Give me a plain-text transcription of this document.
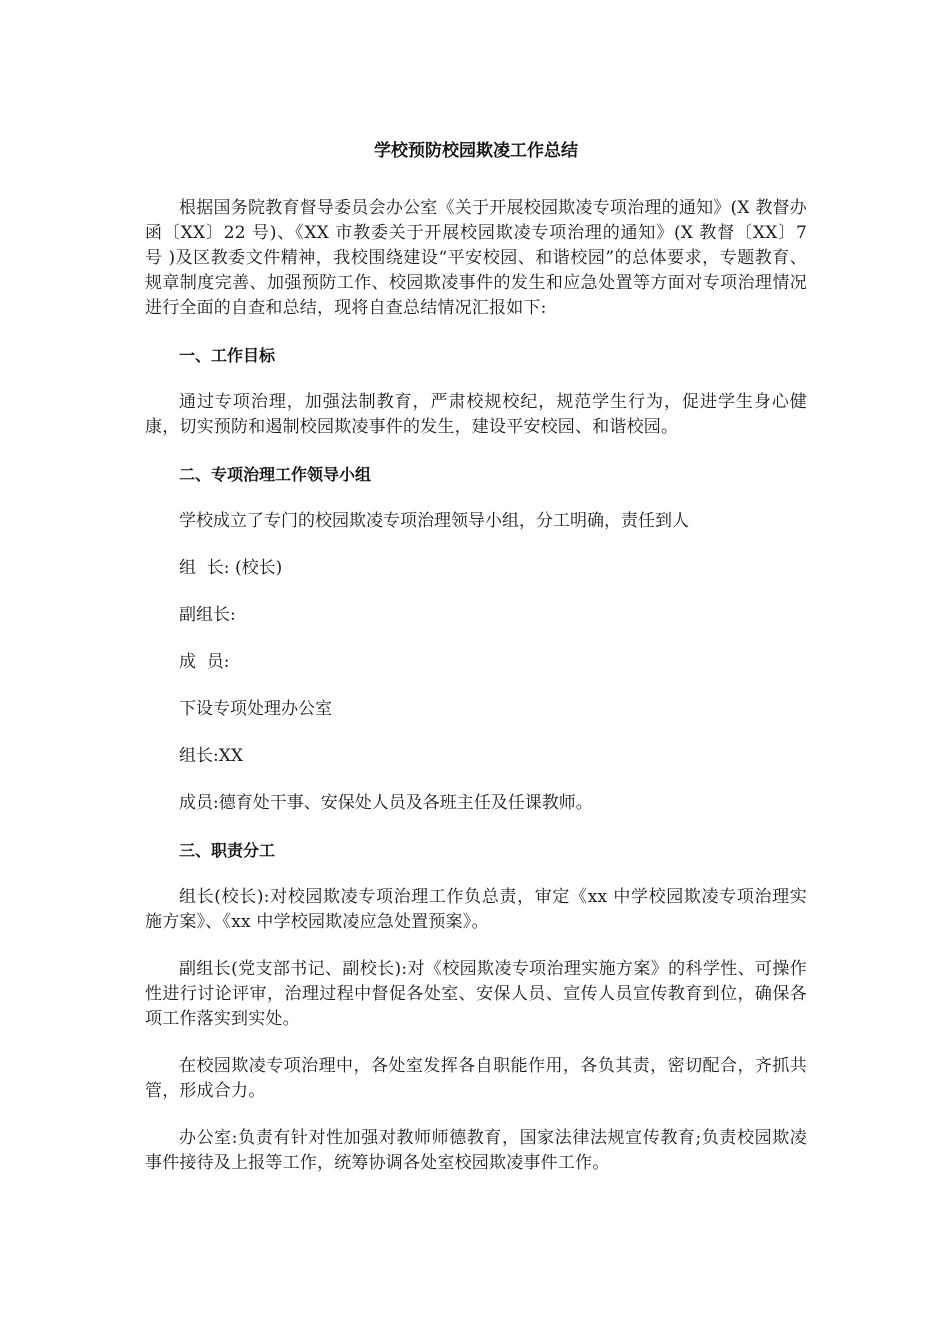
学校预防校园欺凌工作总结

根据国务院教育督导委员会办公室《关于开展校园欺凌专项治理的通知》(X 教督办函〔XX〕22 号)、《XX 市教委关于开展校园欺凌专项治理的通知》(X 教督〔XX〕7 号 )及区教委文件精神，我校围绕建设“平安校园、和谐校园”的总体要求，专题教育、规章制度完善、加强预防工作、校园欺凌事件的发生和应急处置等方面对专项治理情况进行全面的自查和总结，现将自查总结情况汇报如下:

一、工作目标

通过专项治理，加强法制教育，严肃校规校纪，规范学生行为，促进学生身心健康，切实预防和遏制校园欺凌事件的发生，建设平安校园、和谐校园。

二、专项治理工作领导小组

学校成立了专门的校园欺凌专项治理领导小组，分工明确，责任到人

组  长: (校长)

副组长:

成  员:

下设专项处理办公室

组长:XX

成员:德育处干事、安保处人员及各班主任及任课教师。

三、职责分工

组长(校长):对校园欺凌专项治理工作负总责，审定《xx 中学校园欺凌专项治理实施方案》、《xx 中学校园欺凌应急处置预案》。

副组长(党支部书记、副校长):对《校园欺凌专项治理实施方案》的科学性、可操作性进行讨论评审，治理过程中督促各处室、安保人员、宣传人员宣传教育到位，确保各项工作落实到实处。

在校园欺凌专项治理中，各处室发挥各自职能作用，各负其责，密切配合，齐抓共管，形成合力。

办公室:负责有针对性加强对教师师德教育，国家法律法规宣传教育;负责校园欺凌事件接待及上报等工作，统筹协调各处室校园欺凌事件工作。
